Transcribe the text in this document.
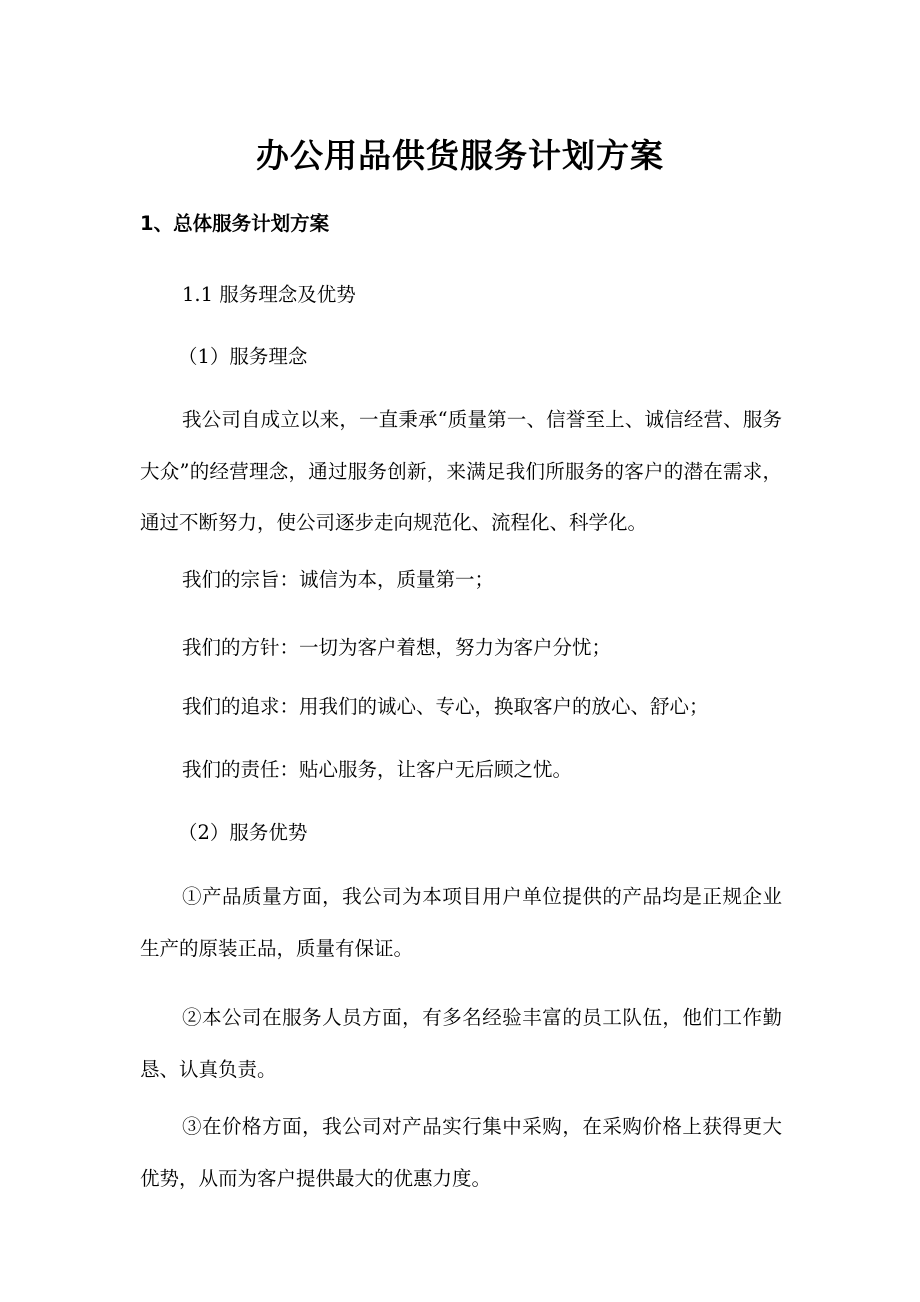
办公用品供货服务计划方案
1、总体服务计划方案
1.1 服务理念及优势
（1）服务理念
我公司自成立以来，一直秉承“质量第一、信誉至上、诚信经营、服务大众”的经营理念，通过服务创新，来满足我们所服务的客户的潜在需求，通过不断努力，使公司逐步走向规范化、流程化、科学化。
我们的宗旨：诚信为本，质量第一；
我们的方针：一切为客户着想，努力为客户分忧；
我们的追求：用我们的诚心、专心，换取客户的放心、舒心；
我们的责任：贴心服务，让客户无后顾之忧。
（2）服务优势
①产品质量方面，我公司为本项目用户单位提供的产品均是正规企业生产的原装正品，质量有保证。
②本公司在服务人员方面，有多名经验丰富的员工队伍，他们工作勤恳、认真负责。
③在价格方面，我公司对产品实行集中采购，在采购价格上获得更大优势，从而为客户提供最大的优惠力度。
